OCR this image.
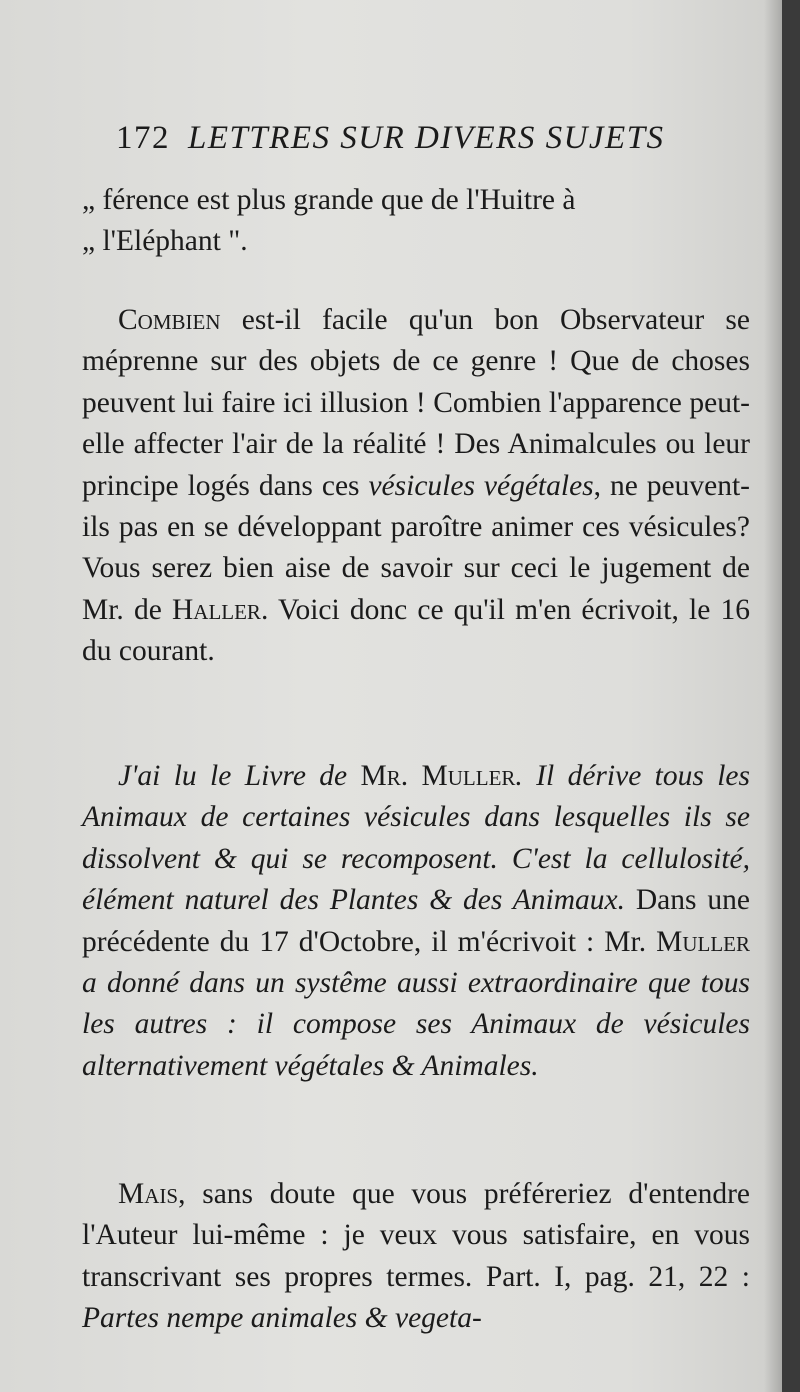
172 LETTRES SUR DIVERS SUJETS

„ férence est plus grande que de l'Huitre à

„ l'Eléphant ".

Combien est-il facile qu'un bon Observateur se méprenne sur des objets de ce genre ! Que de choses peuvent lui faire ici illusion ! Combien l'apparence peut-elle affecter l'air de la réalité ! Des Animalcules ou leur principe logés dans ces vésicules végétales, ne peuvent-ils pas en se développant paroître animer ces vésicules? Vous serez bien aise de savoir sur ceci le jugement de Mr. de Haller. Voici donc ce qu'il m'en écrivoit, le 16 du courant.

J'ai lu le Livre de Mr. Muller. Il dérive tous les Animaux de certaines vésicules dans lesquelles ils se dissolvent & qui se recomposent. C'est la cellulosité, élément naturel des Plantes & des Animaux. Dans une précédente du 17 d'Octobre, il m'écrivoit : Mr. Muller a donné dans un systême aussi extraordinaire que tous les autres : il compose ses Animaux de vésicules alternativement végétales & Animales.

Mais, sans doute que vous préféreriez d'entendre l'Auteur lui-même : je veux vous satisfaire, en vous transcrivant ses propres termes. Part. I, pag. 21, 22 : Partes nempe animales & vegeta-
